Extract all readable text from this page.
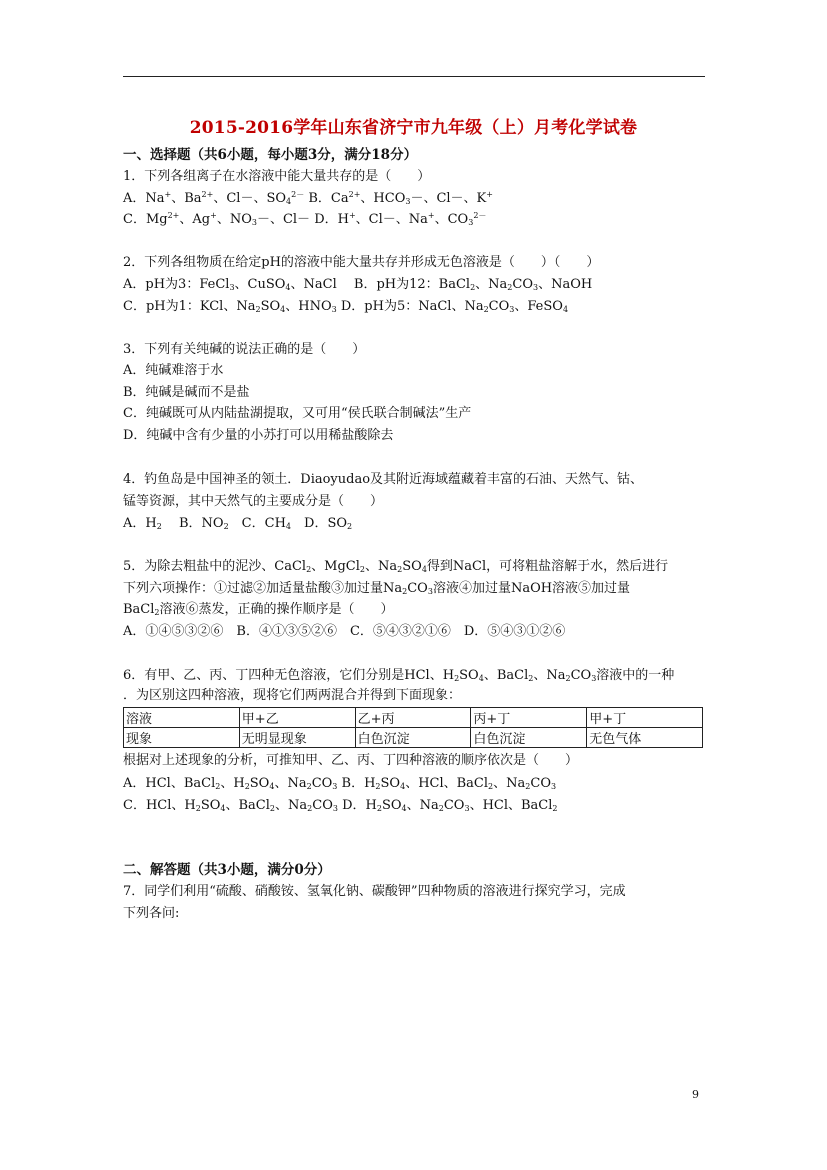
2015-2016学年山东省济宁市九年级（上）月考化学试卷
一、选择题（共6小题，每小题3分，满分18分）
1．下列各组离子在水溶液中能大量共存的是（　　）
A．Na+、$Ba^{2+}$、Cl－、$SO_4^{2-}$ B．$Ca^{2+}$、$HCO_3-$、Cl－、K+
C．$Mg^{2+}$、Ag+、$NO_3-$、Cl－ D．H+、Cl－、Na+、$CO_3^{2-}$
2．下列各组物质在给定pH的溶液中能大量共存并形成无色溶液是（　　）（　　）
A．pH为3：FeCl$_3$、CuSO$_4$、NaCl　 B．pH为12：BaCl$_2$、$Na_2CO_3$、NaOH
C．pH为1：KCl、$Na_2SO_4$、$HNO_3$ D．pH为5：NaCl、$Na_2CO_3$、FeSO$_4$
3．下列有关纯碱的说法正确的是（　　）
A．纯碱难溶于水
B．纯碱是碱而不是盐
C．纯碱既可从内陆盐湖提取，又可用“侯氏联合制碱法”生产
D．纯碱中含有少量的小苏打可以用稀盐酸除去
4．钓鱼岛是中国神圣的领土．Diaoyudao及其附近海域蕴藏着丰富的石油、天然气、钴、
锰等资源，其中天然气的主要成分是（　　）
A．$H_2$　 B．$NO_2$　 C．$CH_4$　 D．$SO_2$
5．为除去粗盐中的泥沙、CaCl$_2$、MgCl$_2$、$Na_2SO_4$得到NaCl，可将粗盐溶解于水，然后进行
下列六项操作：①过滤②加适量盐酸③加过量$Na_2CO_3$溶液④加过量NaOH溶液⑤加过量
BaCl$_2$溶液⑥蒸发，正确的操作顺序是（　　）
A．①④⑤③②⑥　B．④①③⑤②⑥　C．⑤④③②①⑥　D．⑤④③①②⑥
6．有甲、乙、丙、丁四种无色溶液，它们分别是HCl、$H_2SO_4$、BaCl$_2$、$Na_2CO_3$溶液中的一种
．为区别这四种溶液，现将它们两两混合并得到下面现象：
溶液	甲+乙	乙+丙	丙+丁	甲+丁
现象	无明显现象	白色沉淀	白色沉淀	无色气体
根据对上述现象的分析，可推知甲、乙、丙、丁四种溶液的顺序依次是（　　）
A．HCl、BaCl$_2$、$H_2SO_4$、$Na_2CO_3$ B．$H_2SO_4$、HCl、BaCl$_2$、$Na_2CO_3$
C．HCl、$H_2SO_4$、BaCl$_2$、$Na_2CO_3$ D．$H_2SO_4$、$Na_2CO_3$、HCl、BaCl$_2$
二、解答题（共3小题，满分0分）
7．同学们利用“硫酸、硝酸铵、氢氧化钠、碳酸钾”四种物质的溶液进行探究学习，完成
下列各问:
9
